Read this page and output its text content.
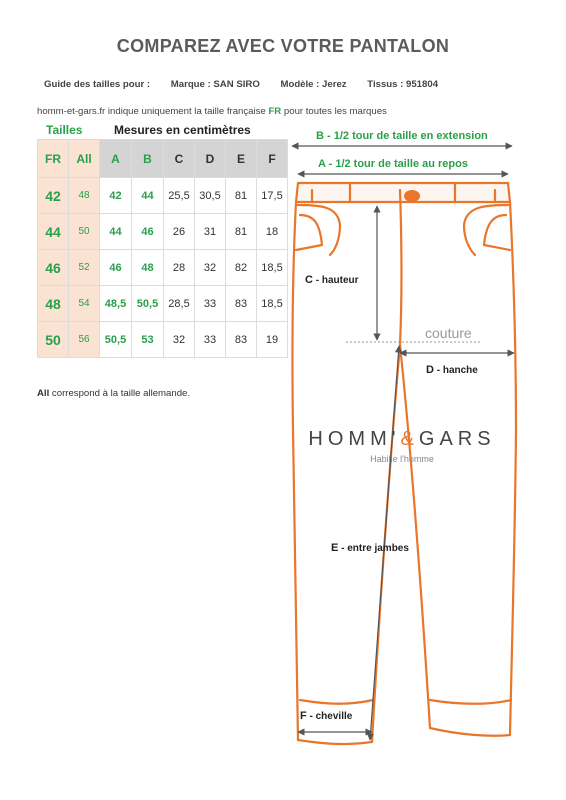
COMPAREZ AVEC VOTRE PANTALON
Guide des tailles pour : Marque : SAN SIRO Modèle : Jerez Tissus : 951804
homm-et-gars.fr indique uniquement la taille française FR pour toutes les marques
Tailles	Mesures en centimètres
FR	All	A	B	C	D	E	F
42	48	42	44	25,5	30,5	81	17,5
44	50	44	46	26	31	81	18
46	52	46	48	28	32	82	18,5
48	54	48,5	50,5	28,5	33	83	18,5
50	56	50,5	53	32	33	83	19
All correspond à la taille allemande.
B - 1/2 tour de taille en extension
A - 1/2 tour de taille au repos
C - hauteur
D - hanche
E - entre jambes
F - cheville
couture
HOMM'&GARS
Habille l'homme
